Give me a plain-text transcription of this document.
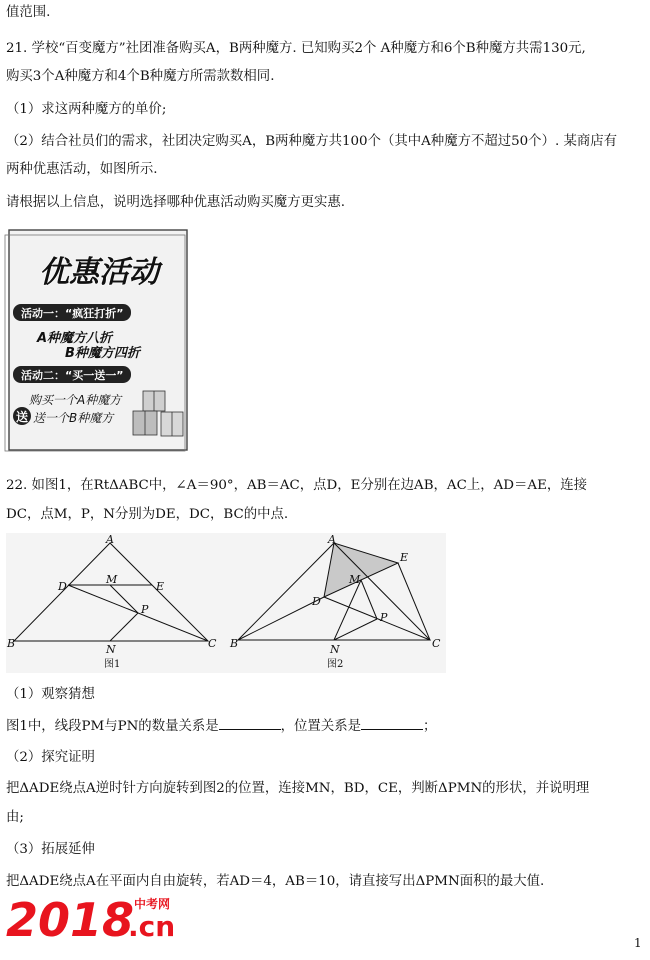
值范围.
21. 学校“百变魔方”社团准备购买A，B两种魔方. 已知购买2个 A种魔方和6个B种魔方共需130元,
购买3个A种魔方和4个B种魔方所需款数相同.
（1）求这两种魔方的单价;
（2）结合社员们的需求，社团决定购买A，B两种魔方共100个（其中A种魔方不超过50个）. 某商店有
两种优惠活动，如图所示.
请根据以上信息，说明选择哪种优惠活动购买魔方更实惠.
优惠活动
活动一：“疯狂打折”
A种魔方八折
B种魔方四折
活动二：“买一送一”
购买一个A种魔方
送 送一个B种魔方
22. 如图1，在RtΔABC中，∠A＝90°，AB＝AC，点D，E分别在边AB，AC上，AD＝AE，连接
DC，点M，P，N分别为DE，DC，BC的中点.
A
B	C
D	E
M
P
N
图1
A
B	C
D
E
M
P
N
图2
（1）观察猜想
图1中，线段PM与PN的数量关系是	，位置关系是	；
（2）探究证明
把ΔADE绕点A逆时针方向旋转到图2的位置，连接MN，BD，CE，判断ΔPMN的形状，并说明理
由;
（3）拓展延伸
把ΔADE绕点A在平面内自由旋转，若AD＝4，AB＝10，请直接写出ΔPMN面积的最大值.
2018 中考网
.cn	1
